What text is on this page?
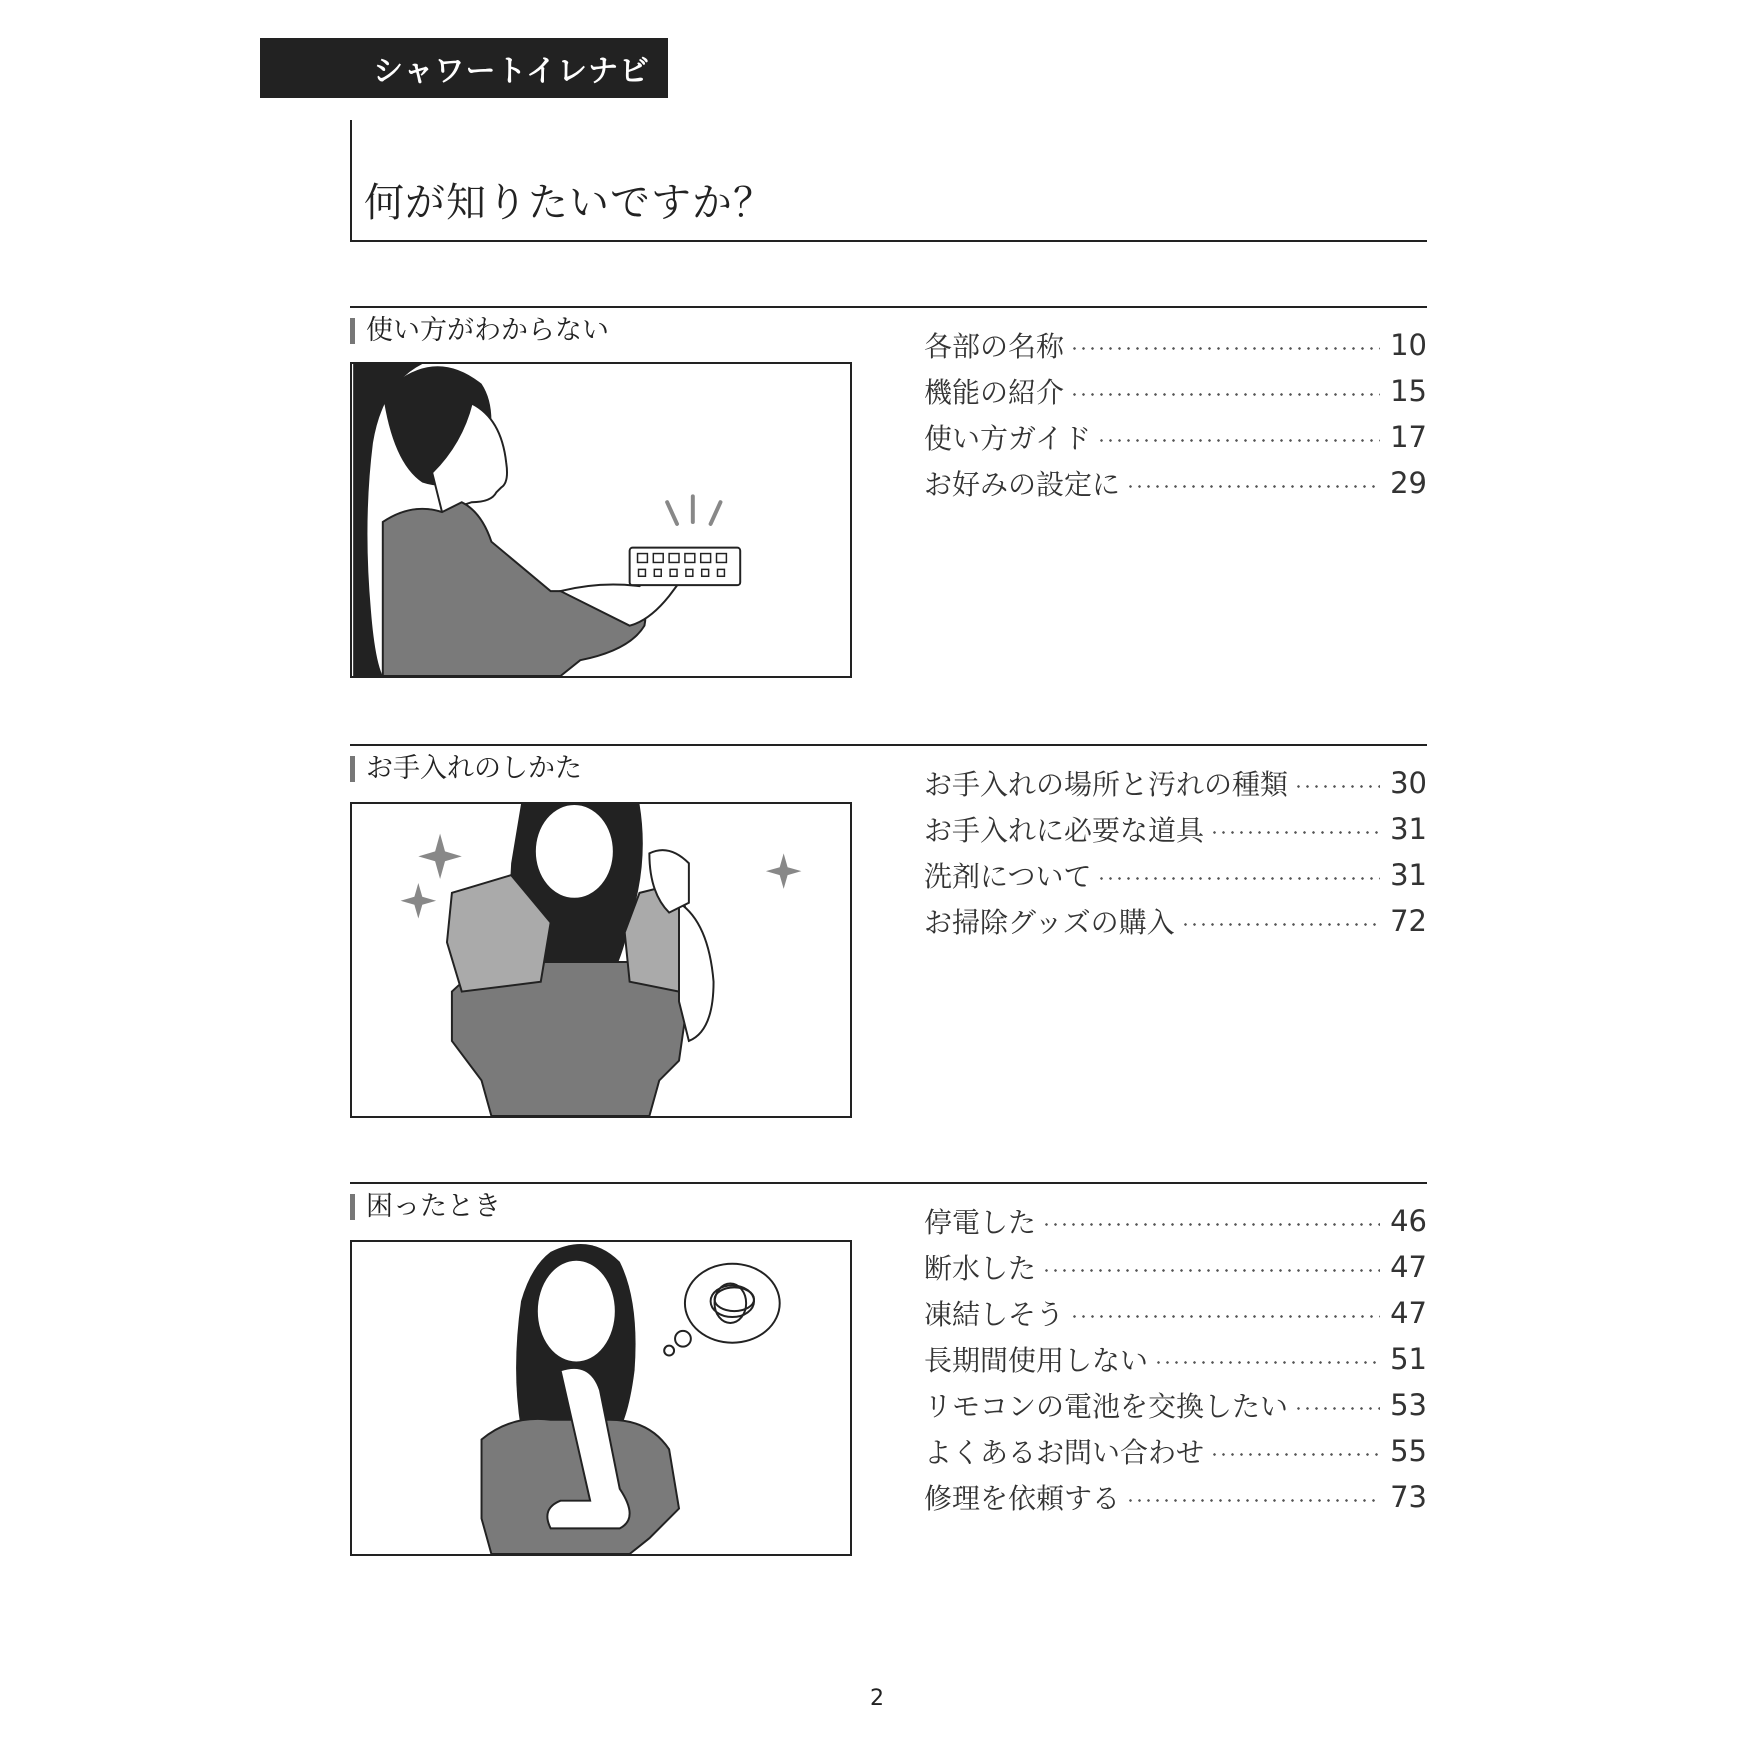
シャワートイレナビ
何が知りたいですか？
使い方がわからない	各部の名称	10
機能の紹介	15
使い方ガイド	17
お好みの設定に	29
お手入れのしかた	お手入れの場所と汚れの種類	30
お手入れに必要な道具	31
洗剤について	31
お掃除グッズの購入	72
困ったとき	停電した	46
断水した	47
凍結しそう	47
長期間使用しない	51
リモコンの電池を交換したい	53
よくあるお問い合わせ	55
修理を依頼する	73
2
